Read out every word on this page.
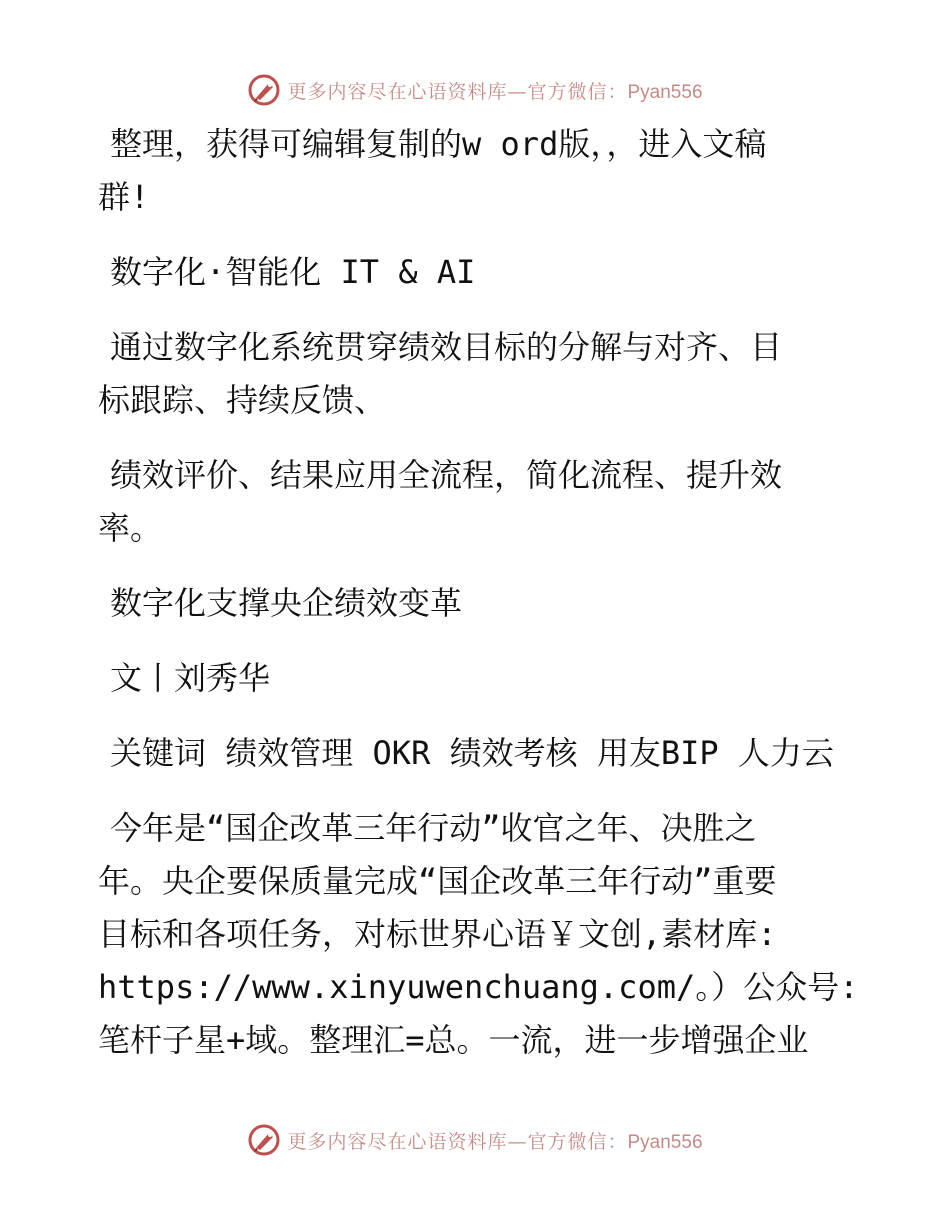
更多内容尽在心语资料库—官方微信：Pyan556
整理，获得可编辑复制的w ord版，，进入文稿
群!
数字化·智能化 IT & AI
通过数字化系统贯穿绩效目标的分解与对齐、目
标跟踪、持续反馈、
绩效评价、结果应用全流程，简化流程、提升效
率。
数字化支撑央企绩效变革
文丨刘秀华
关键词 绩效管理 OKR 绩效考核 用友BIP 人力云
今年是“国企改革三年行动”收官之年、决胜之
年。央企要保质量完成“国企改革三年行动”重要
目标和各项任务，对标世界心语￥文创,素材库:
https://www.xinyuwenchuang.com/。）公众号:
笔杆子星+域。整理汇=总。一流，进一步增强企业
更多内容尽在心语资料库—官方微信：Pyan556
